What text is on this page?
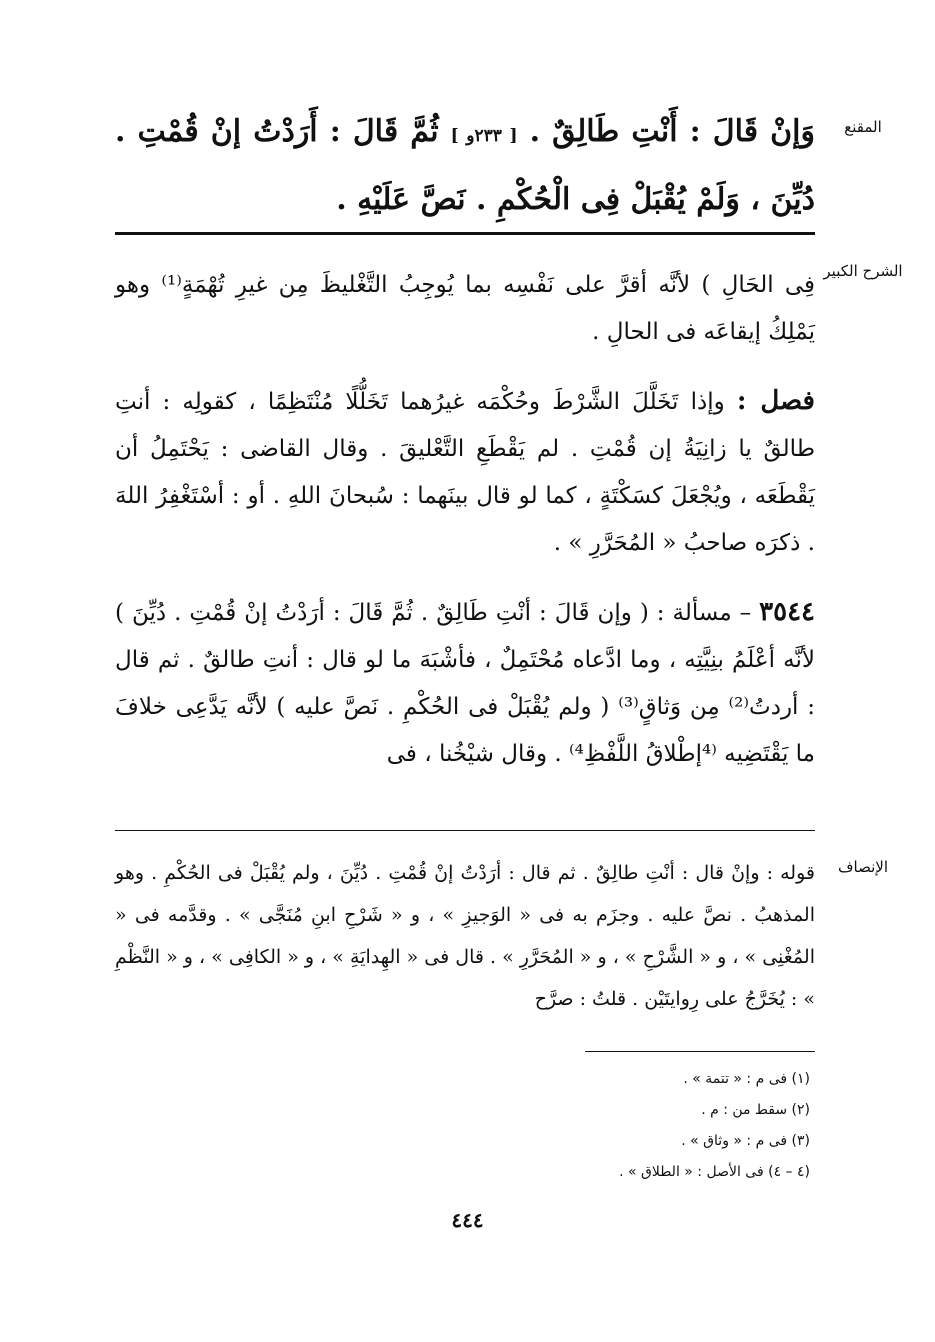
المقنع
وَإنْ قَالَ : أَنْتِ طَالِقٌ . [ ٢٣٣و ] ثُمَّ قَالَ : أَرَدْتُ إنْ قُمْتِ . دُيِّنَ ، وَلَمْ يُقْبَلْ فِى الْحُكْمِ . نَصَّ عَلَيْهِ .
الشرح الكبير
فِى الحَالِ ) لأنَّه أقرَّ على نَفْسِه بما يُوجِبُ التَّغْليظَ مِن غيرِ تُهْمَةٍ⁽¹⁾ وهو يَمْلِكُ إيقاعَه فى الحالِ .
فصل : وإذا تَخَلَّلَ الشَّرْطَ وحُكْمَه غيرُهما تَخَلُّلًا مُنْتَظِمًا ، كقولِه : أنتِ طالقٌ يا زانِيَةُ إن قُمْتِ . لم يَقْطَعِ التَّعْليقَ . وقال القاضى : يَحْتَمِلُ أن يَقْطَعَه ، ويُجْعَلَ كسَكْتَةٍ ، كما لو قال بينَهما : سُبحانَ اللهِ . أو : أسْتَغْفِرُ اللهَ . ذكرَه صاحبُ « المُحَرَّرِ » .
٣٥٤٤ – مسألة : ( وإن قَالَ : أنْتِ طَالِقٌ . ثُمَّ قَالَ : أرَدْتُ إنْ قُمْتِ . دُيِّنَ ) لأنَّه أعْلَمُ بنِيَّتِه ، وما ادَّعاه مُحْتَمِلٌ ، فأشْبَهَ ما لو قال : أنتِ طالقٌ . ثم قال : أردتُ⁽²⁾ مِن وَثاقٍ⁽³⁾ ( ولم يُقْبَلْ فى الحُكْمِ . نَصَّ عليه ) لأنَّه يَدَّعِى خلافَ ما يَقْتَضِيه ⁽⁴إطْلاقُ اللَّفْظِ⁴⁾ . وقال شيْخُنا ، فى
الإنصاف
قوله : وإنْ قال : أنْتِ طالِقٌ . ثم قال : أرَدْتُ إنْ قُمْتِ . دُيِّنَ ، ولم يُقْبَلْ فى الحُكْمِ . وهو المذهبُ . نصَّ عليه . وجزَم به فى « الوَجيزِ » ، و « شَرْحِ ابنِ مُنَجَّى » . وقدَّمه فى « المُغْنِى » ، و « الشَّرْحِ » ، و « المُحَرَّرِ » . قال فى « الهِدايَةِ » ، و « الكافِى » ، و « النَّظْمِ » : يُخَرَّجُ على رِوايتَيْن . قلتُ : صرَّح
(١) فى م : « تتمة » .
(٢) سقط من : م .
(٣) فى م : « وثاق » .
(٤ – ٤) فى الأصل : « الطلاق » .
٤٤٤
